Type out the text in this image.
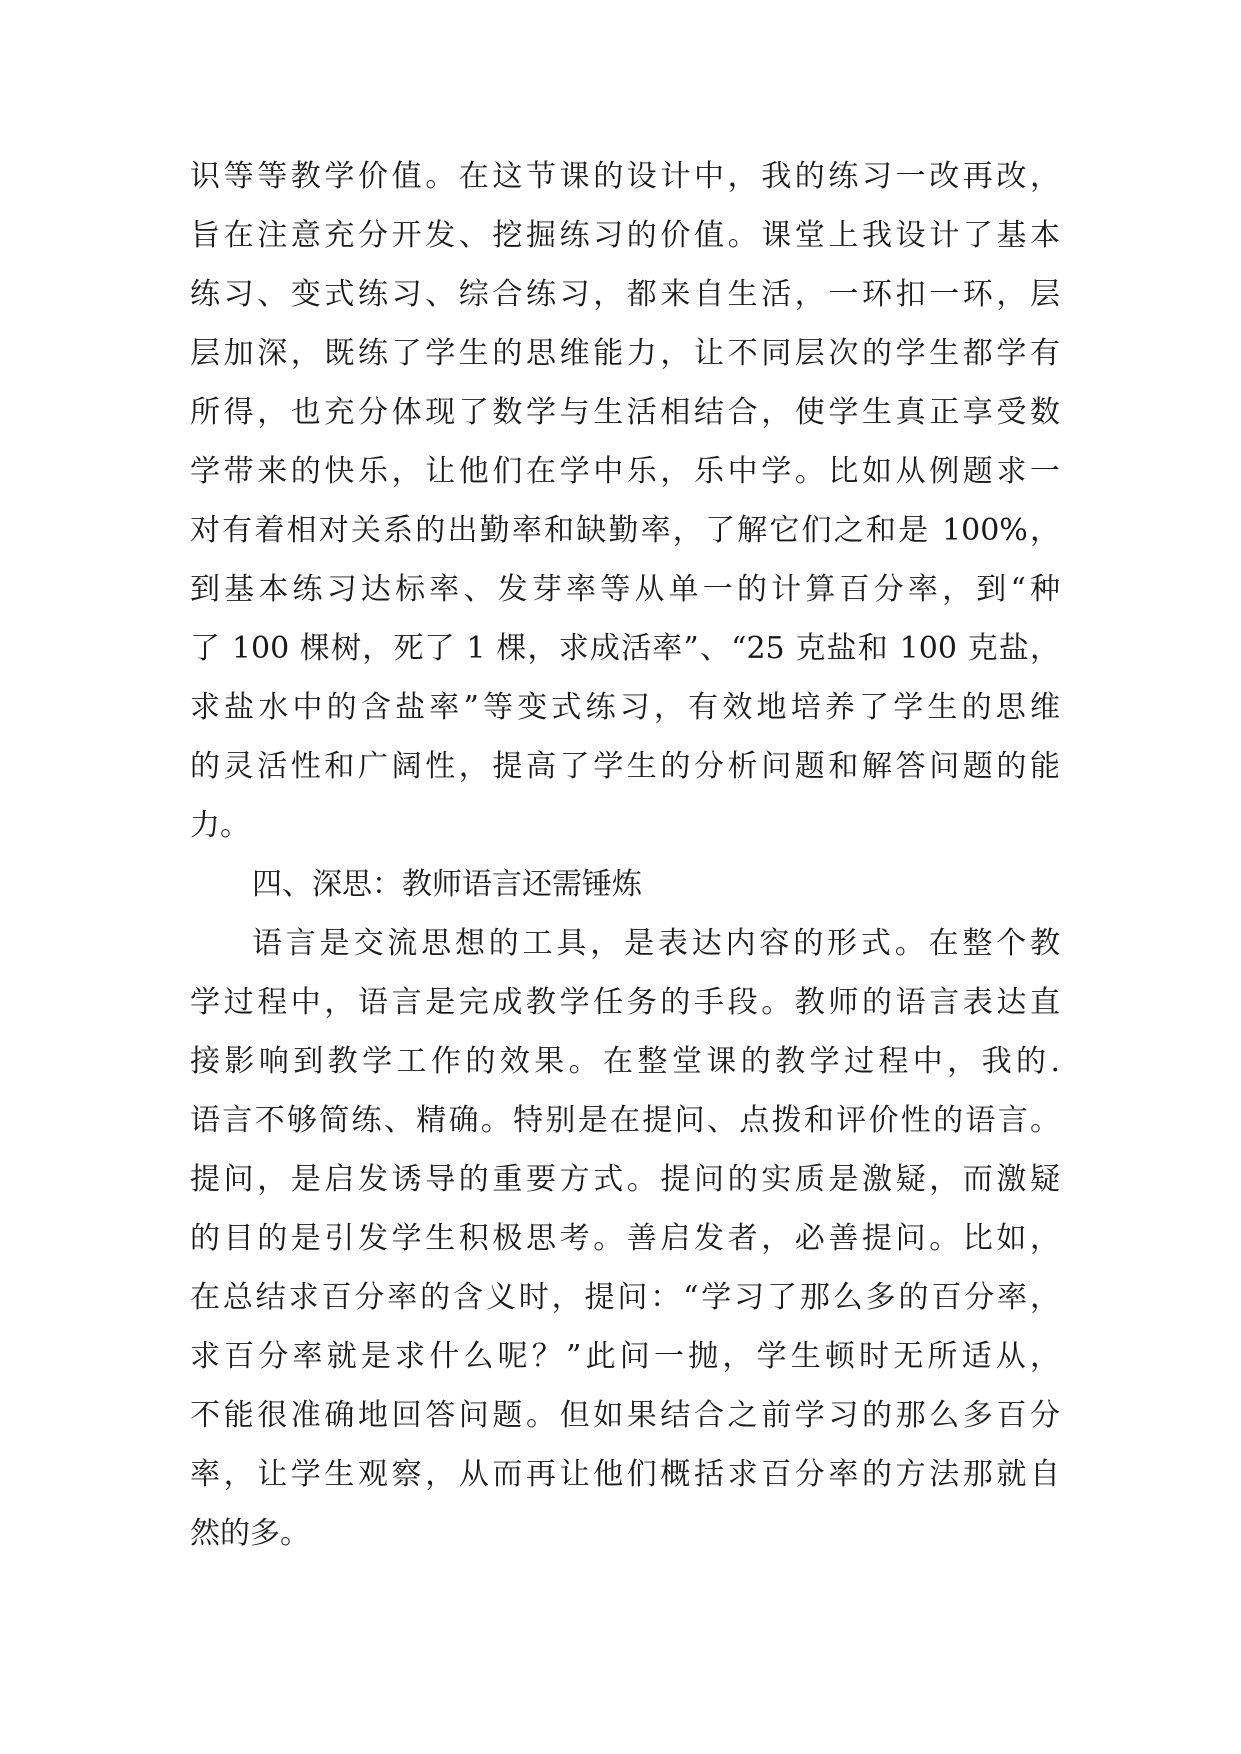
识等等教学价值。在这节课的设计中，我的练习一改再改，
旨在注意充分开发、挖掘练习的价值。课堂上我设计了基本
练习、变式练习、综合练习，都来自生活，一环扣一环，层
层加深，既练了学生的思维能力，让不同层次的学生都学有
所得，也充分体现了数学与生活相结合，使学生真正享受数
学带来的快乐，让他们在学中乐，乐中学。比如从例题求一
对有着相对关系的出勤率和缺勤率，了解它们之和是 100%，
到基本练习达标率、发芽率等从单一的计算百分率，到“种
了 100 棵树，死了 1 棵，求成活率”、“25 克盐和 100 克盐，
求盐水中的含盐率”等变式练习，有效地培养了学生的思维
的灵活性和广阔性，提高了学生的分析问题和解答问题的能
力。
四、深思：教师语言还需锤炼
语言是交流思想的工具，是表达内容的形式。在整个教
学过程中，语言是完成教学任务的手段。教师的语言表达直
接影响到教学工作的效果。在整堂课的教学过程中，我的.
语言不够简练、精确。特别是在提问、点拨和评价性的语言。
提问，是启发诱导的重要方式。提问的实质是激疑，而激疑
的目的是引发学生积极思考。善启发者，必善提问。比如，
在总结求百分率的含义时，提问：“学习了那么多的百分率，
求百分率就是求什么呢？”此问一抛，学生顿时无所适从，
不能很准确地回答问题。但如果结合之前学习的那么多百分
率，让学生观察，从而再让他们概括求百分率的方法那就自
然的多。
